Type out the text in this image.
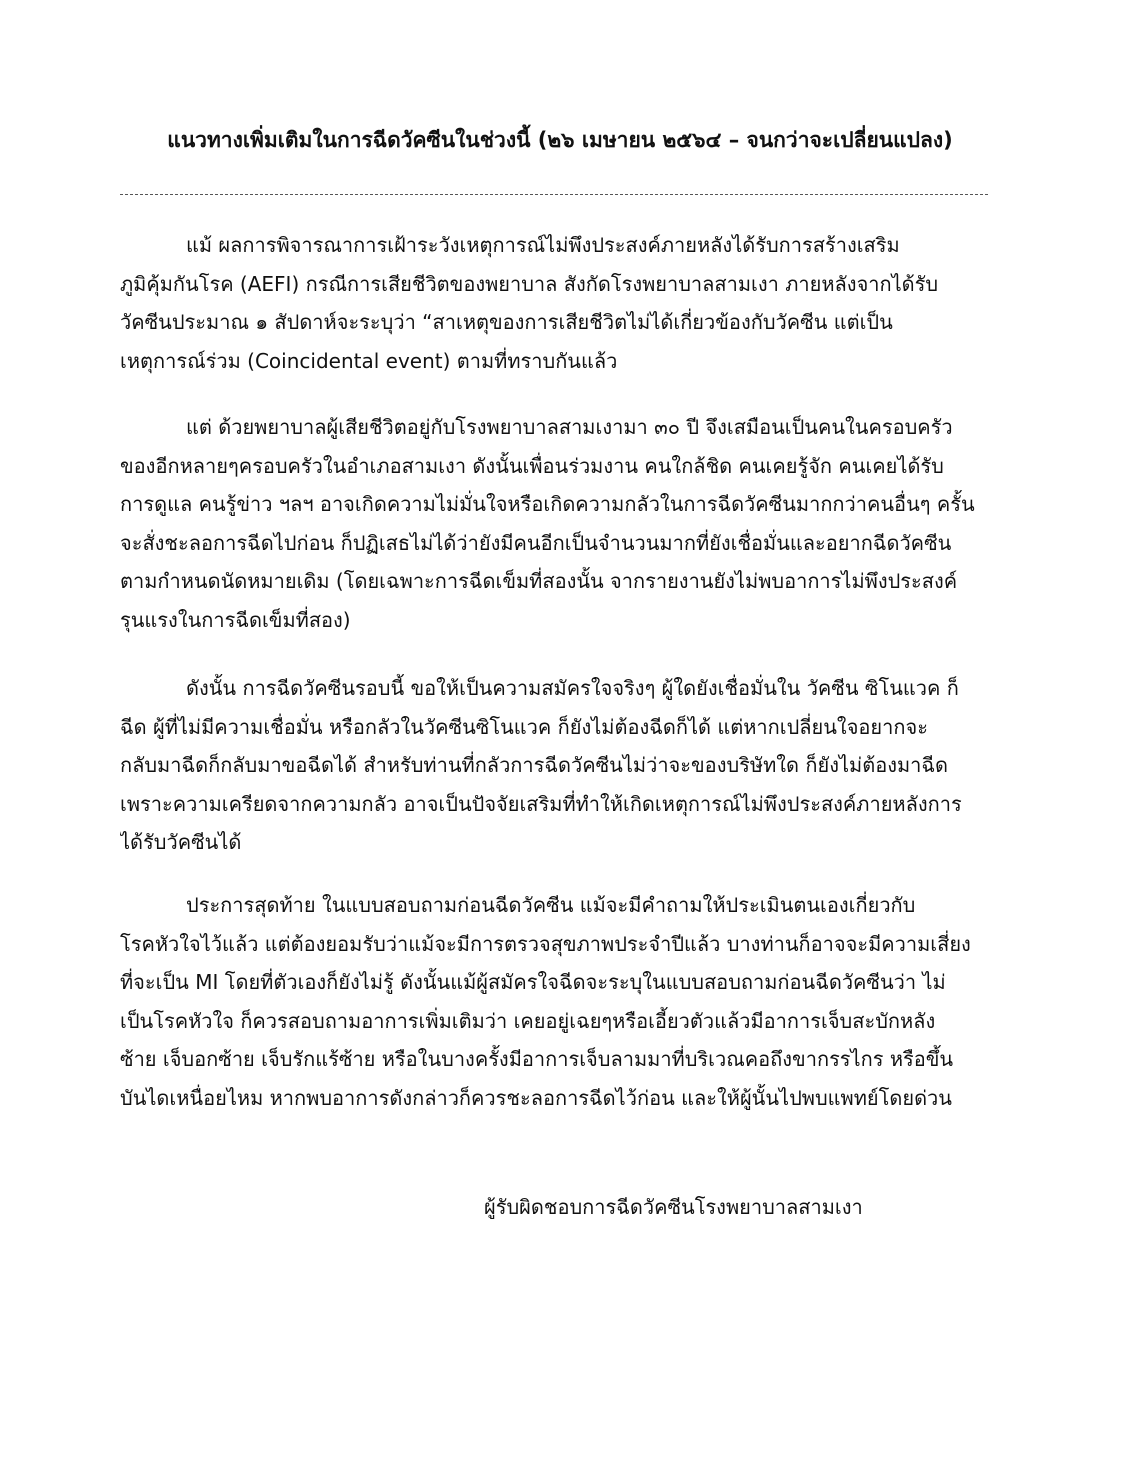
แนวทางเพิ่มเติมในการฉีดวัคซีนในช่วงนี้ (๒๖ เมษายน ๒๕๖๔ – จนกว่าจะเปลี่ยนแปลง)
แม้ ผลการพิจารณาการเฝ้าระวังเหตุการณ์ไม่พึงประสงค์ภายหลังได้รับการสร้างเสริม
ภูมิคุ้มกันโรค (AEFI) กรณีการเสียชีวิตของพยาบาล สังกัดโรงพยาบาลสามเงา ภายหลังจากได้รับ
วัคซีนประมาณ ๑ สัปดาห์จะระบุว่า “สาเหตุของการเสียชีวิตไม่ได้เกี่ยวข้องกับวัคซีน แต่เป็น
เหตุการณ์ร่วม (Coincidental event) ตามที่ทราบกันแล้ว
แต่ ด้วยพยาบาลผู้เสียชีวิตอยู่กับโรงพยาบาลสามเงามา ๓๐ ปี จึงเสมือนเป็นคนในครอบครัว
ของอีกหลายๆครอบครัวในอำเภอสามเงา ดังนั้นเพื่อนร่วมงาน คนใกล้ชิด คนเคยรู้จัก คนเคยได้รับ
การดูแล คนรู้ข่าว ฯลฯ อาจเกิดความไม่มั่นใจหรือเกิดความกลัวในการฉีดวัคซีนมากกว่าคนอื่นๆ ครั้น
จะสั่งชะลอการฉีดไปก่อน ก็ปฏิเสธไม่ได้ว่ายังมีคนอีกเป็นจำนวนมากที่ยังเชื่อมั่นและอยากฉีดวัคซีน
ตามกำหนดนัดหมายเดิม (โดยเฉพาะการฉีดเข็มที่สองนั้น จากรายงานยังไม่พบอาการไม่พึงประสงค์
รุนแรงในการฉีดเข็มที่สอง)
ดังนั้น การฉีดวัคซีนรอบนี้ ขอให้เป็นความสมัครใจจริงๆ ผู้ใดยังเชื่อมั่นใน วัคซีน ซิโนแวค ก็
ฉีด ผู้ที่ไม่มีความเชื่อมั่น หรือกลัวในวัคซีนซิโนแวค ก็ยังไม่ต้องฉีดก็ได้ แต่หากเปลี่ยนใจอยากจะ
กลับมาฉีดก็กลับมาขอฉีดได้ สำหรับท่านที่กลัวการฉีดวัคซีนไม่ว่าจะของบริษัทใด ก็ยังไม่ต้องมาฉีด
เพราะความเครียดจากความกลัว อาจเป็นปัจจัยเสริมที่ทำให้เกิดเหตุการณ์ไม่พึงประสงค์ภายหลังการ
ได้รับวัคซีนได้
ประการสุดท้าย ในแบบสอบถามก่อนฉีดวัคซีน แม้จะมีคำถามให้ประเมินตนเองเกี่ยวกับ
โรคหัวใจไว้แล้ว แต่ต้องยอมรับว่าแม้จะมีการตรวจสุขภาพประจำปีแล้ว บางท่านก็อาจจะมีความเสี่ยง
ที่จะเป็น MI โดยที่ตัวเองก็ยังไม่รู้ ดังนั้นแม้ผู้สมัครใจฉีดจะระบุในแบบสอบถามก่อนฉีดวัคซีนว่า ไม่
เป็นโรคหัวใจ ก็ควรสอบถามอาการเพิ่มเติมว่า เคยอยู่เฉยๆหรือเอี้ยวตัวแล้วมีอาการเจ็บสะบักหลัง
ซ้าย เจ็บอกซ้าย เจ็บรักแร้ซ้าย หรือในบางครั้งมีอาการเจ็บลามมาที่บริเวณคอถึงขากรรไกร หรือขึ้น
บันไดเหนื่อยไหม หากพบอาการดังกล่าวก็ควรชะลอการฉีดไว้ก่อน และให้ผู้นั้นไปพบแพทย์โดยด่วน
ผู้รับผิดชอบการฉีดวัคซีนโรงพยาบาลสามเงา
